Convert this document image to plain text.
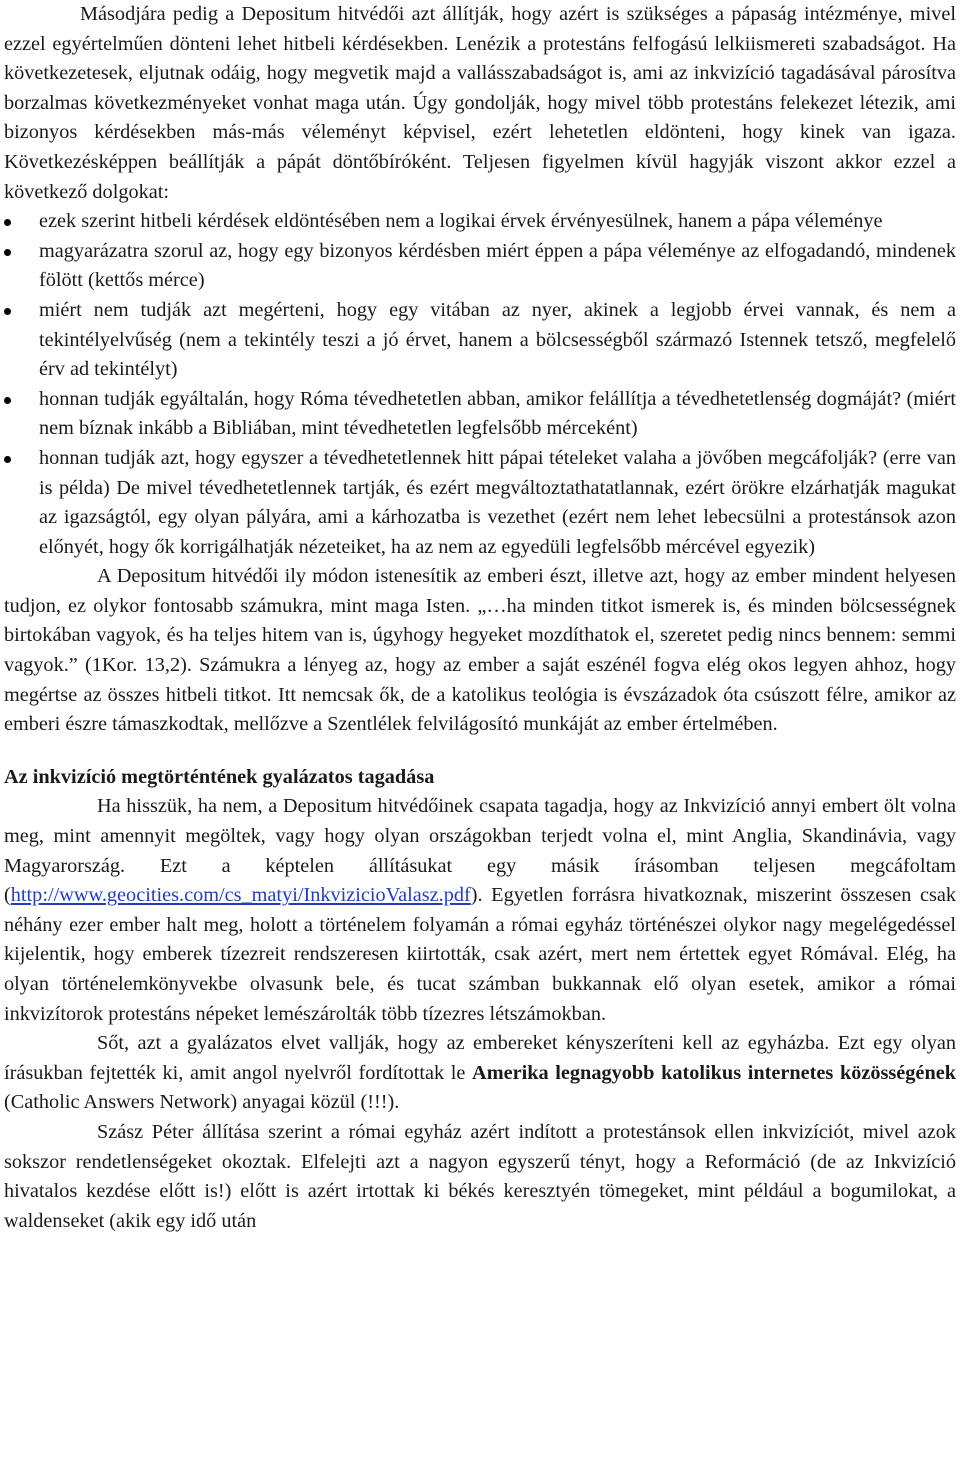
Másodjára pedig a Depositum hitvédői azt állítják, hogy azért is szükséges a pápaság intézménye, mivel ezzel egyértelműen dönteni lehet hitbeli kérdésekben. Lenézik a protestáns felfogású lelkiismereti szabadságot. Ha következetesek, eljutnak odáig, hogy megvetik majd a vallásszabadságot is, ami az inkvizíció tagadásával párosítva borzalmas következményeket vonhat maga után. Úgy gondolják, hogy mivel több protestáns felekezet létezik, ami bizonyos kérdésekben más-más véleményt képvisel, ezért lehetetlen eldönteni, hogy kinek van igaza. Következésképpen beállítják a pápát döntőbíróként. Teljesen figyelmen kívül hagyják viszont akkor ezzel a következő dolgokat:

ezek szerint hitbeli kérdések eldöntésében nem a logikai érvek érvényesülnek, hanem a pápa véleménye
magyarázatra szorul az, hogy egy bizonyos kérdésben miért éppen a pápa véleménye az elfogadandó, mindenek fölött (kettős mérce)
miért nem tudják azt megérteni, hogy egy vitában az nyer, akinek a legjobb érvei vannak, és nem a tekintélyelvűség (nem a tekintély teszi a jó érvet, hanem a bölcsességből származó Istennek tetsző, megfelelő érv ad tekintélyt)
honnan tudják egyáltalán, hogy Róma tévedhetetlen abban, amikor felállítja a tévedhetetlenség dogmáját? (miért nem bíznak inkább a Bibliában, mint tévedhetetlen legfelsőbb mérceként)
honnan tudják azt, hogy egyszer a tévedhetetlennek hitt pápai tételeket valaha a jövőben megcáfolják? (erre van is példa) De mivel tévedhetetlennek tartják, és ezért megváltoztathatatlannak, ezért örökre elzárhatják magukat az igazságtól, egy olyan pályára, ami a kárhozatba is vezethet (ezért nem lehet lebecsülni a protestánsok azon előnyét, hogy ők korrigálhatják nézeteiket, ha az nem az egyedüli legfelsőbb mércével egyezik)

A Depositum hitvédői ily módon istenesítik az emberi észt, illetve azt, hogy az ember mindent helyesen tudjon, ez olykor fontosabb számukra, mint maga Isten. „…ha minden titkot ismerek is, és minden bölcsességnek birtokában vagyok, és ha teljes hitem van is, úgyhogy hegyeket mozdíthatok el, szeretet pedig nincs bennem: semmi vagyok.” (1Kor. 13,2). Számukra a lényeg az, hogy az ember a saját eszénél fogva elég okos legyen ahhoz, hogy megértse az összes hitbeli titkot. Itt nemcsak ők, de a katolikus teológia is évszázadok óta csúszott félre, amikor az emberi észre támaszkodtak, mellőzve a Szentlélek felvilágosító munkáját az ember értelmében.

Az inkvizíció megtörténtének gyalázatos tagadása

Ha hisszük, ha nem, a Depositum hitvédőinek csapata tagadja, hogy az Inkvizíció annyi embert ölt volna meg, mint amennyit megöltek, vagy hogy olyan országokban terjedt volna el, mint Anglia, Skandinávia, vagy Magyarország. Ezt a képtelen állításukat egy másik írásomban teljesen megcáfoltam (http://www.geocities.com/cs_matyi/InkvizicioValasz.pdf). Egyetlen forrásra hivatkoznak, miszerint összesen csak néhány ezer ember halt meg, holott a történelem folyamán a római egyház történészei olykor nagy megelégedéssel kijelentik, hogy emberek tízezreit rendszeresen kiirtották, csak azért, mert nem értettek egyet Rómával. Elég, ha olyan történelemkönyvekbe olvasunk bele, és tucat számban bukkannak elő olyan esetek, amikor a római inkvizítorok protestáns népeket lemészárolták több tízezres létszámokban.

Sőt, azt a gyalázatos elvet vallják, hogy az embereket kényszeríteni kell az egyházba. Ezt egy olyan írásukban fejtették ki, amit angol nyelvről fordítottak le Amerika legnagyobb katolikus internetes közösségének (Catholic Answers Network) anyagai közül (!!!).

Szász Péter állítása szerint a római egyház azért indított a protestánsok ellen inkvizíciót, mivel azok sokszor rendetlenségeket okoztak. Elfelejti azt a nagyon egyszerű tényt, hogy a Reformáció (de az Inkvizíció hivatalos kezdése előtt is!) előtt is azért irtottak ki békés keresztyén tömegeket, mint például a bogumilokat, a waldenseket (akik egy idő után
